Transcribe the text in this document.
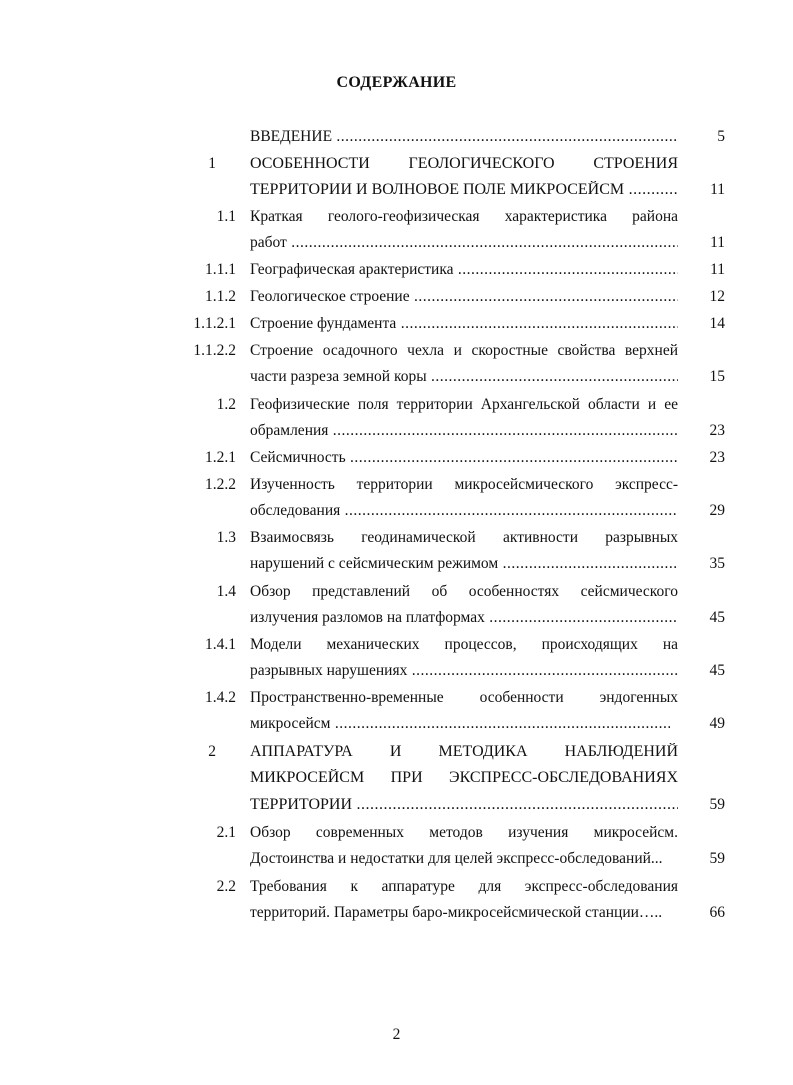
СОДЕРЖАНИЕ
ВВЕДЕНИЕ .....	5
1 ОСОБЕННОСТИ ГЕОЛОГИЧЕСКОГО СТРОЕНИЯ
ТЕРРИТОРИИ И ВОЛНОВОЕ ПОЛЕ МИКРОСЕЙСМ .....	11
1.1 Краткая геолого-геофизическая характеристика района
работ .....	11
1.1.1 Географическая арактеристика .....	11
1.1.2 Геологическое строение .....	12
1.1.2.1 Строение фундамента .....	14
1.1.2.2 Строение осадочного чехла и скоростные свойства верхней
части разреза земной коры .....	15
1.2 Геофизические поля территории Архангельской области и ее
обрамления .....	23
1.2.1 Сейсмичность .....	23
1.2.2 Изученность территории микросейсмического экспресс-
обследования .....	29
1.3 Взаимосвязь геодинамической активности разрывных
нарушений с сейсмическим режимом .....	35
1.4 Обзор представлений об особенностях сейсмического
излучения разломов на платформах .....	45
1.4.1 Модели механических процессов, происходящих на
разрывных нарушениях .....	45
1.4.2 Пространственно-временные особенности эндогенных
микросейсм .....	49
2 АППАРАТУРА И МЕТОДИКА НАБЛЮДЕНИЙ
МИКРОСЕЙСМ ПРИ ЭКСПРЕСС-ОБСЛЕДОВАНИЯХ
ТЕРРИТОРИИ .....	59
2.1 Обзор современных методов изучения микросейсм.
Достоинства и недостатки для целей экспресс-обследований...	59
2.2 Требования к аппаратуре для экспресс-обследования
территорий. Параметры баро-микросейсмической станции…..	66
2
